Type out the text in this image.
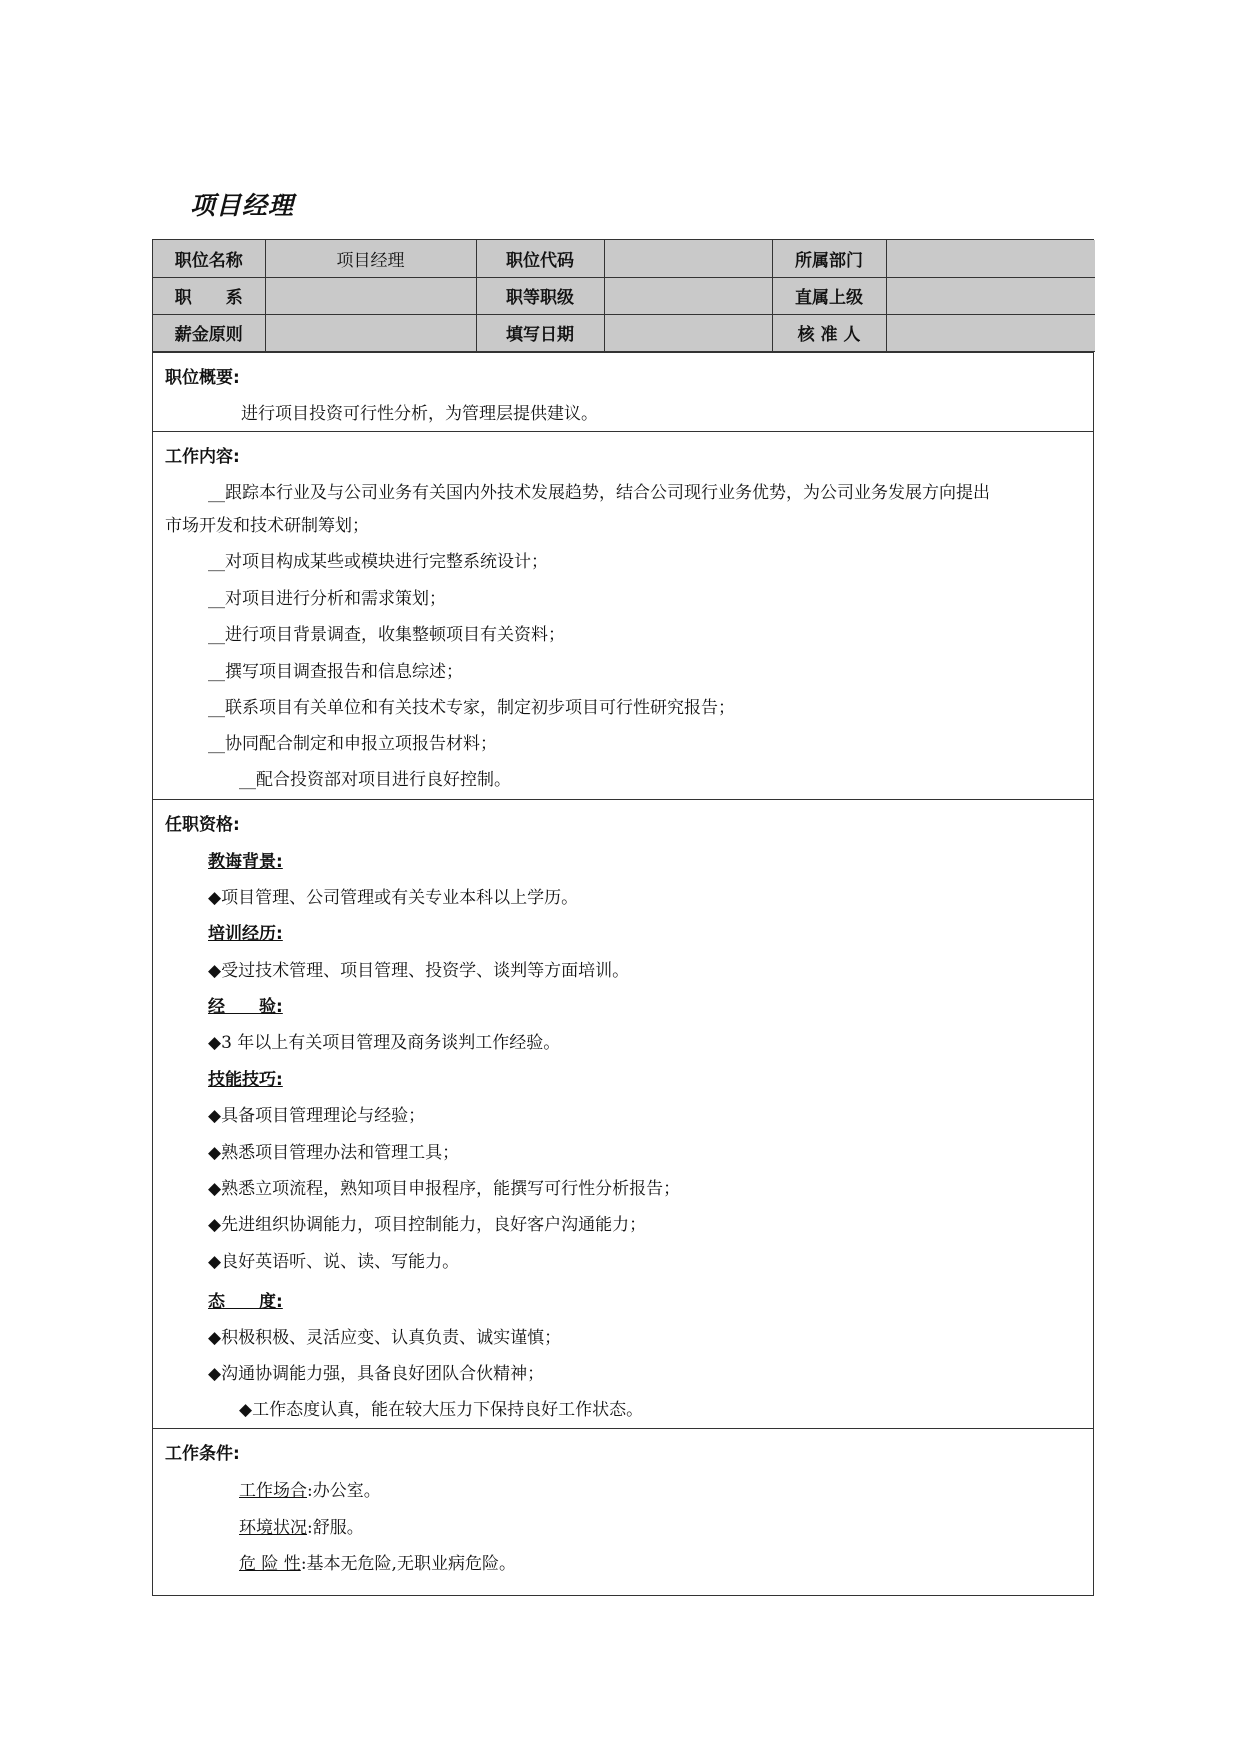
项目经理
职位名称	项目经理	职位代码		所属部门	
职　　系		职等职级		直属上级	
薪金原则		填写日期		核 准 人	
职位概要:
进行项目投资可行性分析，为管理层提供建议。
工作内容:
__跟踪本行业及与公司业务有关国内外技术发展趋势，结合公司现行业务优势，为公司业务发展方向提出
市场开发和技术研制筹划；
__对项目构成某些或模块进行完整系统设计；
__对项目进行分析和需求策划；
__进行项目背景调查，收集整顿项目有关资料；
__撰写项目调查报告和信息综述；
__联系项目有关单位和有关技术专家，制定初步项目可行性研究报告；
__协同配合制定和申报立项报告材料；
__配合投资部对项目进行良好控制。
任职资格:
教诲背景:
◆项目管理、公司管理或有关专业本科以上学历。
培训经历:
◆受过技术管理、项目管理、投资学、谈判等方面培训。
经　　验:
◆3 年以上有关项目管理及商务谈判工作经验。
技能技巧:
◆具备项目管理理论与经验；
◆熟悉项目管理办法和管理工具；
◆熟悉立项流程，熟知项目申报程序，能撰写可行性分析报告；
◆先进组织协调能力，项目控制能力，良好客户沟通能力；
◆良好英语听、说、读、写能力。
态　　度:
◆积极积极、灵活应变、认真负责、诚实谨慎；
◆沟通协调能力强，具备良好团队合伙精神；
◆工作态度认真，能在较大压力下保持良好工作状态。
工作条件:
工作场合:办公室。
环境状况:舒服。
危 险 性:基本无危险,无职业病危险。
